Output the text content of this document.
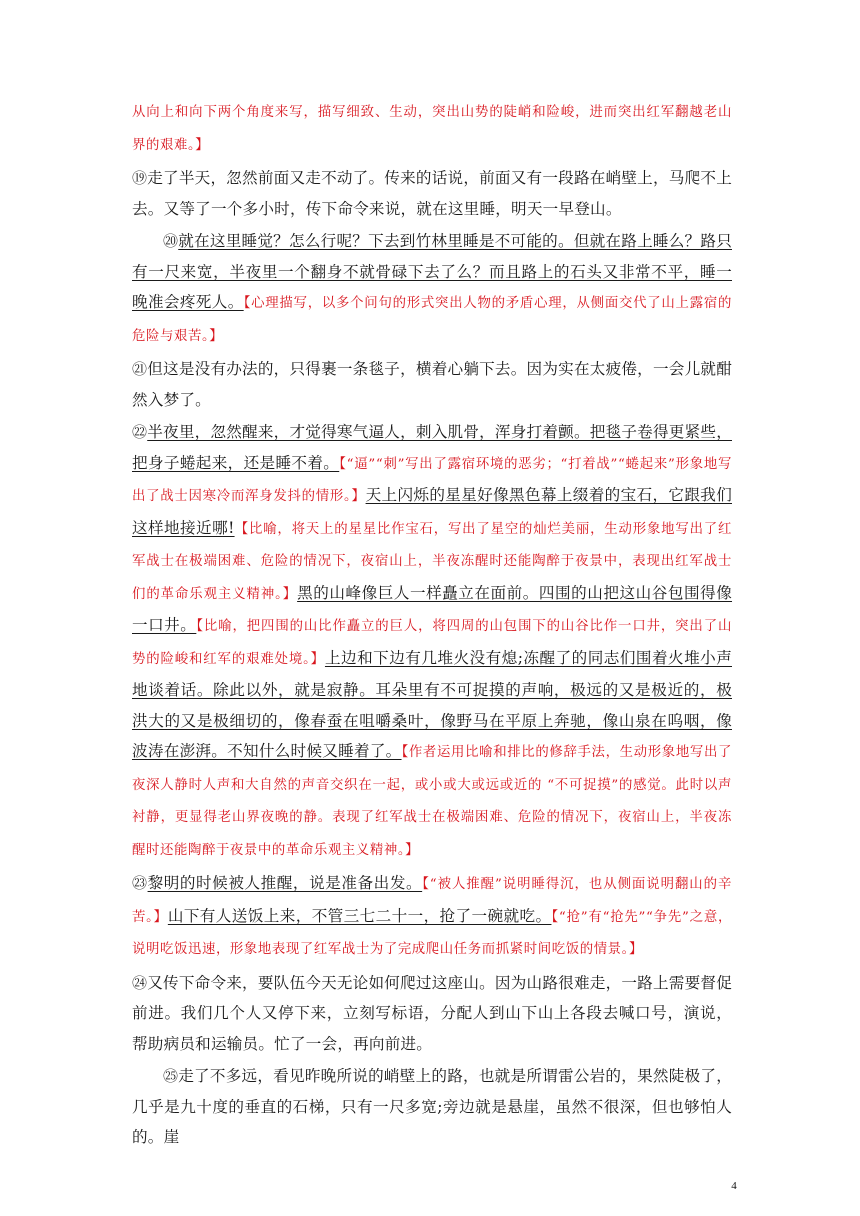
从向上和向下两个角度来写，描写细致、生动，突出山势的陡峭和险峻，进而突出红军翻越老山界的艰难。】

⑲走了半天，忽然前面又走不动了。传来的话说，前面又有一段路在峭壁上，马爬不上去。又等了一个多小时，传下命令来说，就在这里睡，明天一早登山。

⑳就在这里睡觉？怎么行呢？下去到竹林里睡是不可能的。但就在路上睡么？路只有一尺来宽，半夜里一个翻身不就骨碌下去了么？而且路上的石头又非常不平，睡一晚准会疼死人。【心理描写，以多个问句的形式突出人物的矛盾心理，从侧面交代了山上露宿的危险与艰苦。】

㉑但这是没有办法的，只得裹一条毯子，横着心躺下去。因为实在太疲倦，一会儿就酣然入梦了。

㉒半夜里，忽然醒来，才觉得寒气逼人，刺入肌骨，浑身打着颤。把毯子卷得更紧些，把身子蜷起来，还是睡不着。【“逼”“刺”写出了露宿环境的恶劣；“打着战”“蜷起来”形象地写出了战士因寒冷而浑身发抖的情形。】天上闪烁的星星好像黑色幕上缀着的宝石，它跟我们这样地接近哪!【比喻，将天上的星星比作宝石，写出了星空的灿烂美丽，生动形象地写出了红军战士在极端困难、危险的情况下，夜宿山上，半夜冻醒时还能陶醉于夜景中，表现出红军战士们的革命乐观主义精神。】黑的山峰像巨人一样矗立在面前。四围的山把这山谷包围得像一口井。【比喻，把四围的山比作矗立的巨人，将四周的山包围下的山谷比作一口井，突出了山势的险峻和红军的艰难处境。】上边和下边有几堆火没有熄;冻醒了的同志们围着火堆小声地谈着话。除此以外，就是寂静。耳朵里有不可捉摸的声响，极远的又是极近的，极洪大的又是极细切的，像春蚕在咀嚼桑叶，像野马在平原上奔驰，像山泉在呜咽，像波涛在澎湃。不知什么时候又睡着了。【作者运用比喻和排比的修辞手法，生动形象地写出了夜深人静时人声和大自然的声音交织在一起，或小或大或远或近的 “不可捉摸”的感觉。此时以声衬静，更显得老山界夜晚的静。表现了红军战士在极端困难、危险的情况下，夜宿山上，半夜冻醒时还能陶醉于夜景中的革命乐观主义精神。】

㉓黎明的时候被人推醒，说是准备出发。【“被人推醒”说明睡得沉，也从侧面说明翻山的辛苦。】山下有人送饭上来，不管三七二十一，抢了一碗就吃。【“抢”有“抢先”“争先”之意，说明吃饭迅速，形象地表现了红军战士为了完成爬山任务而抓紧时间吃饭的情景。】

㉔又传下命令来，要队伍今天无论如何爬过这座山。因为山路很难走，一路上需要督促前进。我们几个人又停下来，立刻写标语，分配人到山下山上各段去喊口号，演说，帮助病员和运输员。忙了一会，再向前进。

㉕走了不多远，看见昨晚所说的峭壁上的路，也就是所谓雷公岩的，果然陡极了，几乎是九十度的垂直的石梯，只有一尺多宽;旁边就是悬崖，虽然不很深，但也够怕人的。崖

4
